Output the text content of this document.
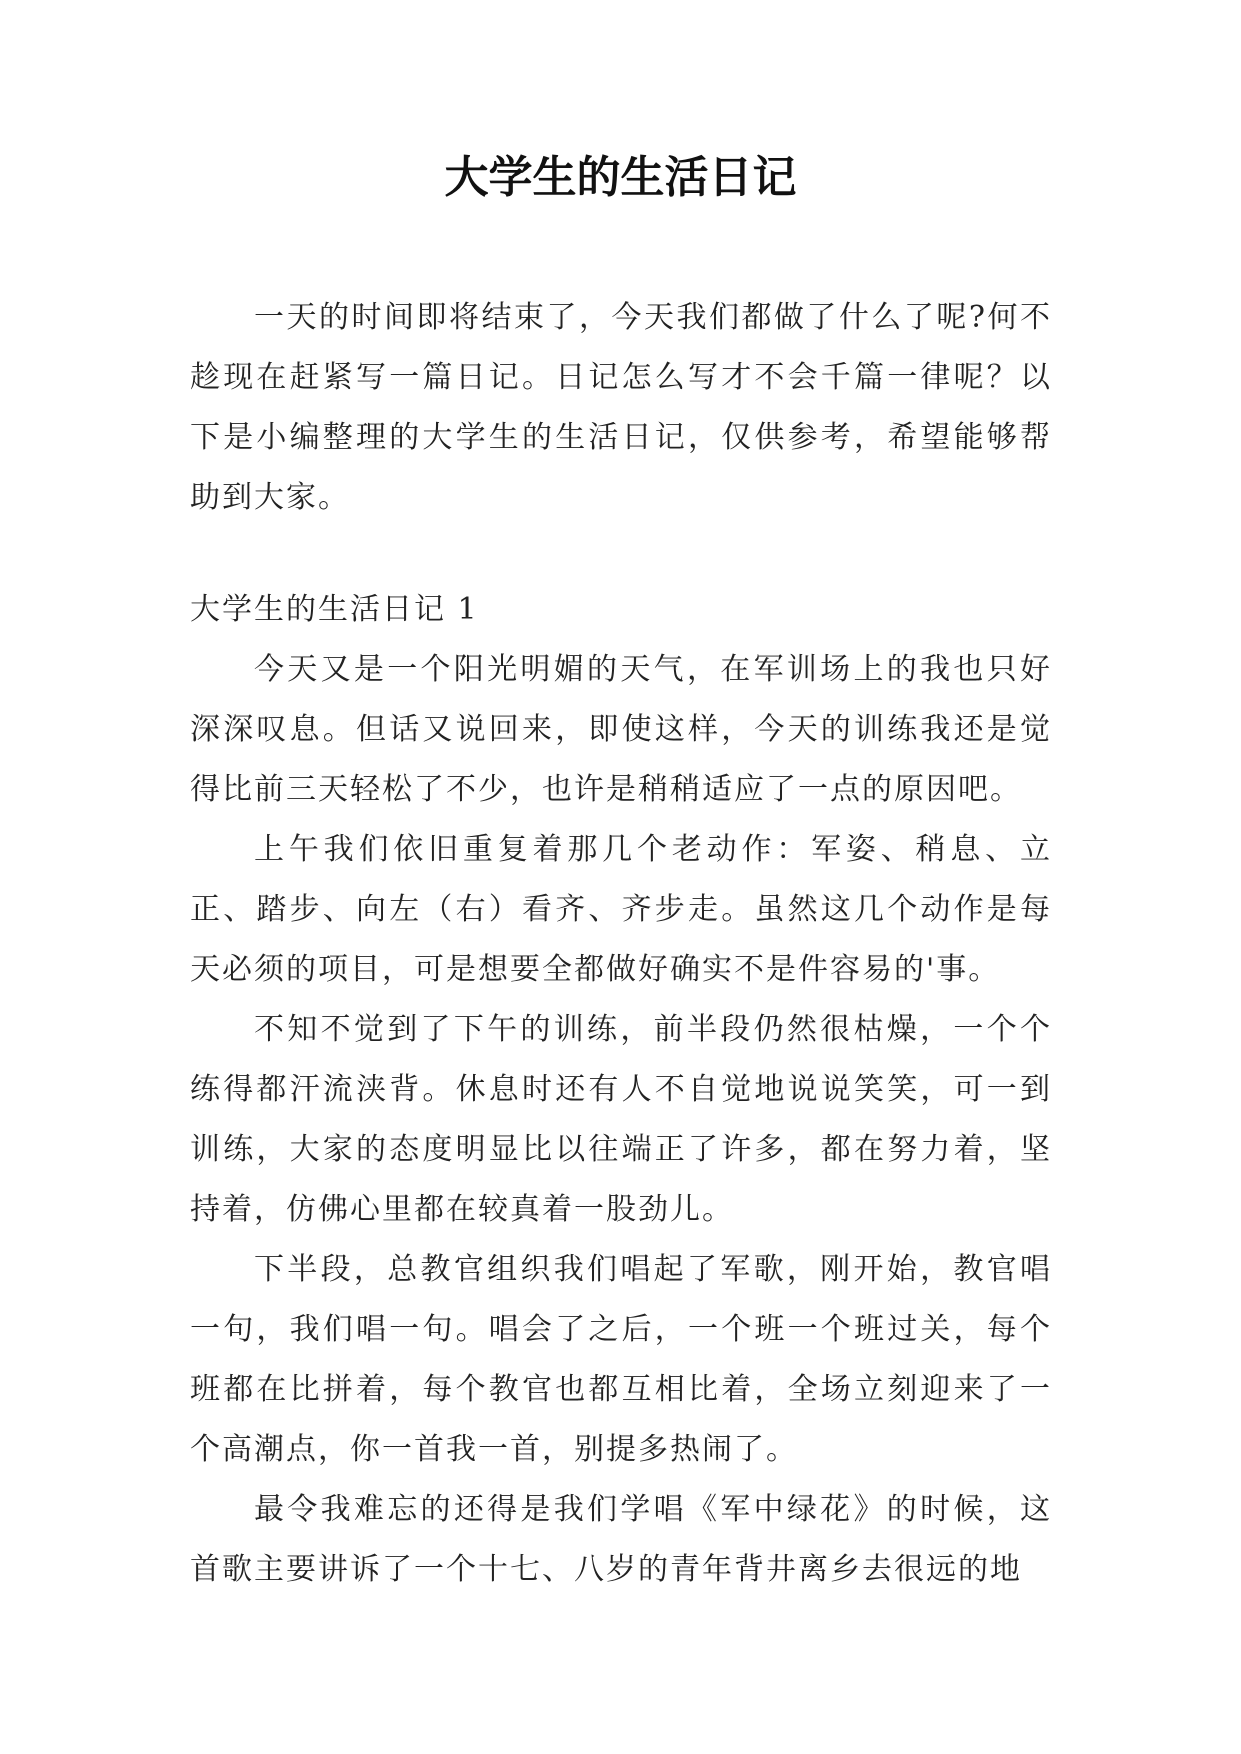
大学生的生活日记

一天的时间即将结束了，今天我们都做了什么了呢?何不趁现在赶紧写一篇日记。日记怎么写才不会千篇一律呢？以下是小编整理的大学生的生活日记，仅供参考，希望能够帮助到大家。

大学生的生活日记 1

今天又是一个阳光明媚的天气，在军训场上的我也只好深深叹息。但话又说回来，即使这样，今天的训练我还是觉得比前三天轻松了不少，也许是稍稍适应了一点的原因吧。

上午我们依旧重复着那几个老动作：军姿、稍息、立正、踏步、向左（右）看齐、齐步走。虽然这几个动作是每天必须的项目，可是想要全都做好确实不是件容易的'事。

不知不觉到了下午的训练，前半段仍然很枯燥，一个个练得都汗流浃背。休息时还有人不自觉地说说笑笑，可一到训练，大家的态度明显比以往端正了许多，都在努力着，坚持着，仿佛心里都在较真着一股劲儿。

下半段，总教官组织我们唱起了军歌，刚开始，教官唱一句，我们唱一句。唱会了之后，一个班一个班过关，每个班都在比拼着，每个教官也都互相比着，全场立刻迎来了一个高潮点，你一首我一首，别提多热闹了。

最令我难忘的还得是我们学唱《军中绿花》的时候，这首歌主要讲诉了一个十七、八岁的青年背井离乡去很远的地
